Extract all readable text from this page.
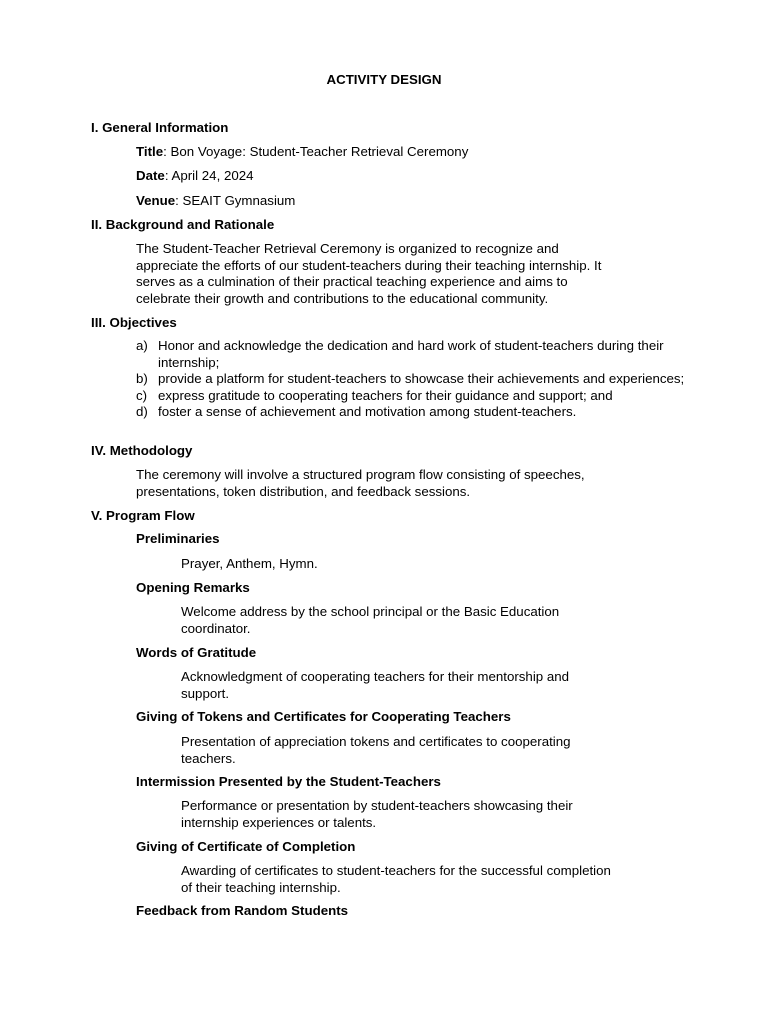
ACTIVITY DESIGN
I. General Information
Title: Bon Voyage: Student-Teacher Retrieval Ceremony
Date: April 24, 2024
Venue: SEAIT Gymnasium
II. Background and Rationale
The Student-Teacher Retrieval Ceremony is organized to recognize and
appreciate the efforts of our student-teachers during their teaching internship. It
serves as a culmination of their practical teaching experience and aims to
celebrate their growth and contributions to the educational community.
III. Objectives
a) Honor and acknowledge the dedication and hard work of student-teachers during their internship;
b) provide a platform for student-teachers to showcase their achievements and experiences;
c) express gratitude to cooperating teachers for their guidance and support; and
d) foster a sense of achievement and motivation among student-teachers.
IV. Methodology
The ceremony will involve a structured program flow consisting of speeches,
presentations, token distribution, and feedback sessions.
V. Program Flow
Preliminaries
Prayer, Anthem, Hymn.
Opening Remarks
Welcome address by the school principal or the Basic Education
coordinator.
Words of Gratitude
Acknowledgment of cooperating teachers for their mentorship and
support.
Giving of Tokens and Certificates for Cooperating Teachers
Presentation of appreciation tokens and certificates to cooperating
teachers.
Intermission Presented by the Student-Teachers
Performance or presentation by student-teachers showcasing their
internship experiences or talents.
Giving of Certificate of Completion
Awarding of certificates to student-teachers for the successful completion
of their teaching internship.
Feedback from Random Students
